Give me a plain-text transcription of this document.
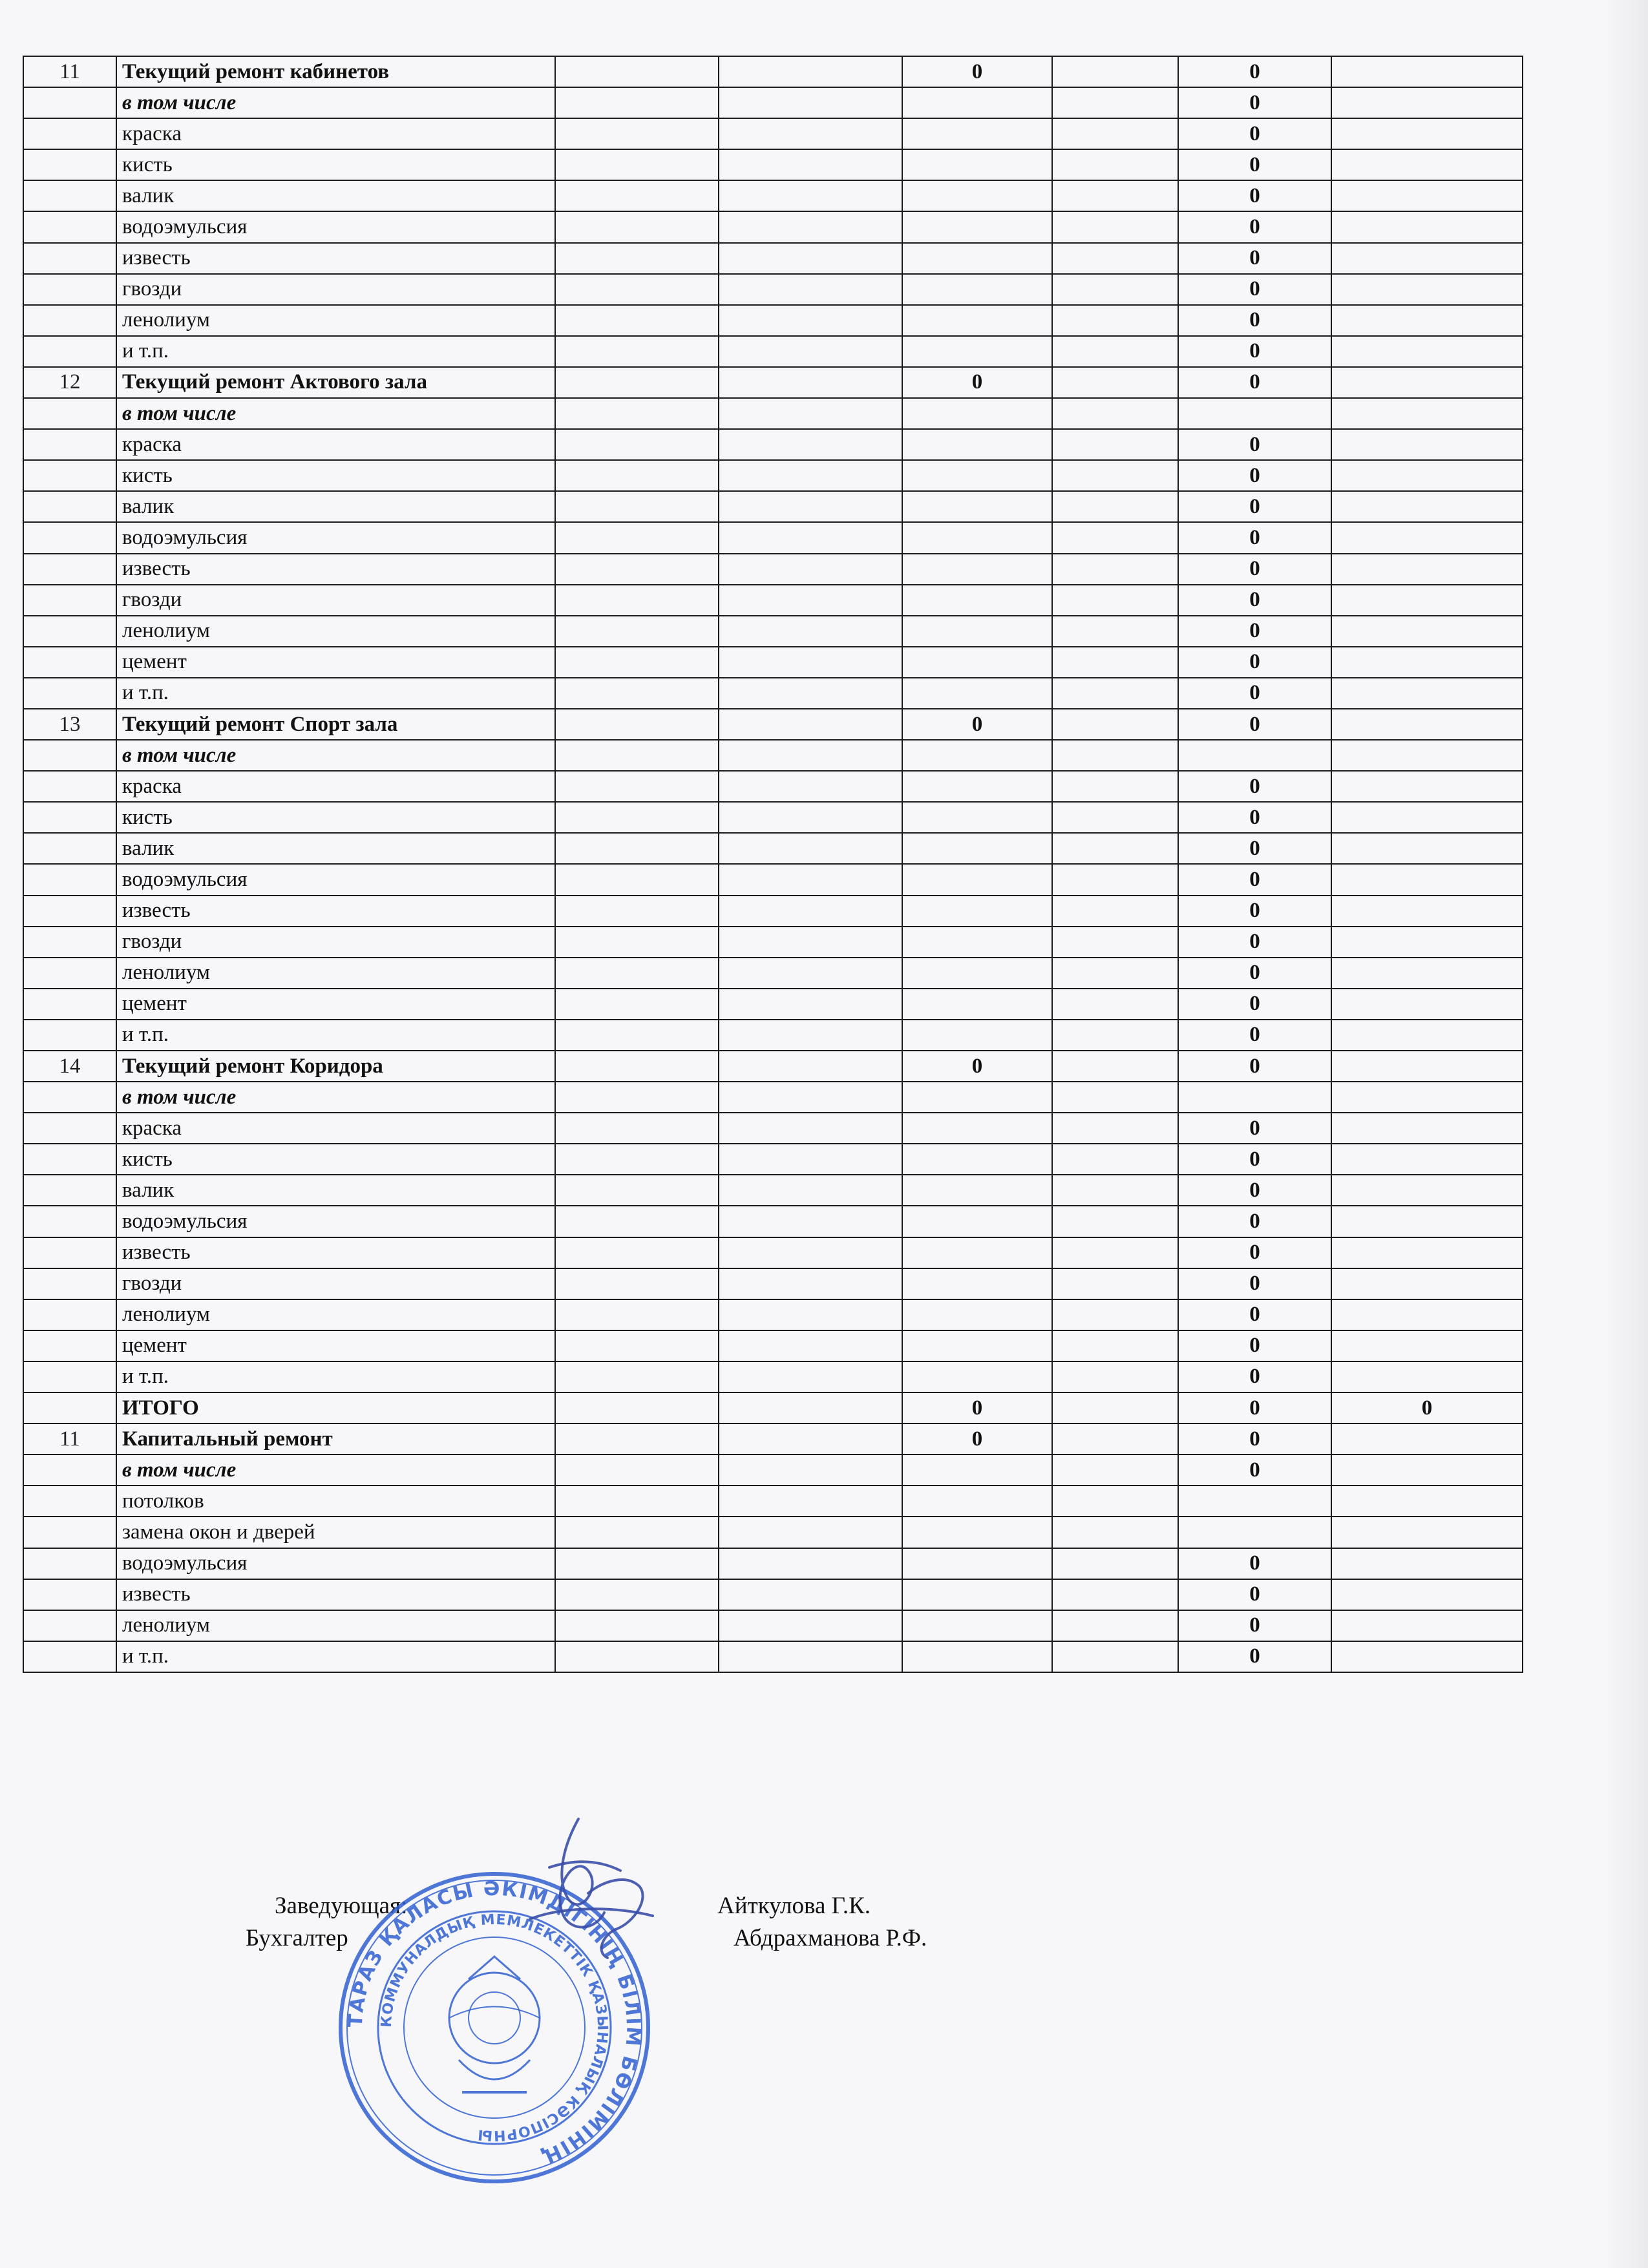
11	Текущий ремонт кабинетов			0		0	
	в том числе					0	
	краска					0	
	кисть					0	
	валик					0	
	водоэмульсия					0	
	известь					0	
	гвозди					0	
	ленолиум					0	
	и т.п.					0	
12	Текущий ремонт Актового зала			0		0	
	в том числе						
	краска					0	
	кисть					0	
	валик					0	
	водоэмульсия					0	
	известь					0	
	гвозди					0	
	ленолиум					0	
	цемент					0	
	и т.п.					0	
13	Текущий ремонт Спорт зала			0		0	
	в том числе						
	краска					0	
	кисть					0	
	валик					0	
	водоэмульсия					0	
	известь					0	
	гвозди					0	
	ленолиум					0	
	цемент					0	
	и т.п.					0	
14	Текущий ремонт Коридора			0		0	
	в том числе						
	краска					0	
	кисть					0	
	валик					0	
	водоэмульсия					0	
	известь					0	
	гвозди					0	
	ленолиум					0	
	цемент					0	
	и т.п.					0	
	ИТОГО			0		0	0
11	Капитальный ремонт			0		0	
	в том числе					0	
	потолков						
	замена окон и дверей						
	водоэмульсия					0	
	известь					0	
	ленолиум					0	
	и т.п.					0	
Заведующая:	Айткулова Г.К.
Бухгалтер	Абдрахманова Р.Ф.
ТАРАЗ ҚАЛАСЫ ӘКІМДІГІНІҢ БІЛІМ БӨЛІМІНІҢ
КОММУНАЛДЫҚ МЕМЛЕКЕТТІК ҚАЗЫНАЛЫҚ КӘСІПОРНЫ
